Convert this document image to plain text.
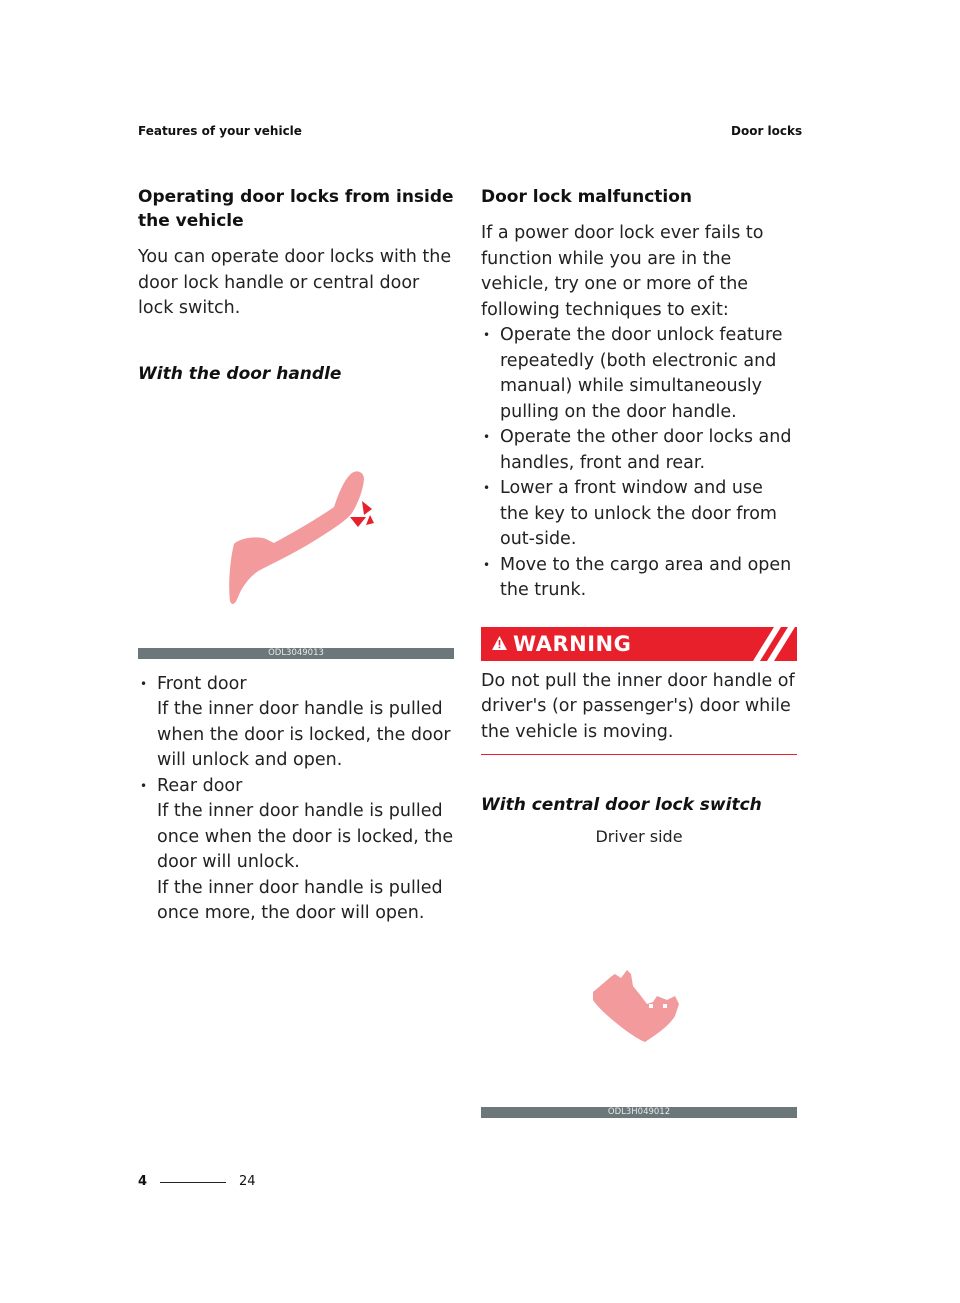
Features of your vehicle	Door locks
Operating door locks from inside the vehicle

You can operate door locks with the door lock handle or central door lock switch.

With the door handle
ODL3049013
• Front door
If the inner door handle is pulled when the door is locked, the door will unlock and open.
• Rear door
If the inner door handle is pulled once when the door is locked, the door will unlock.
If the inner door handle is pulled once more, the door will open.
Door lock malfunction

If a power door lock ever fails to function while you are in the vehicle, try one or more of the following techniques to exit:

• Operate the door unlock feature repeatedly (both electronic and manual) while simultaneously pulling on the door handle.
• Operate the other door locks and handles, front and rear.
• Lower a front window and use the key to unlock the door from out-side.
• Move to the cargo area and open the trunk.
WARNING

Do not pull the inner door handle of driver's (or passenger's) door while the vehicle is moving.

With central door lock switch
Driver side
ODL3H049012
4	24
